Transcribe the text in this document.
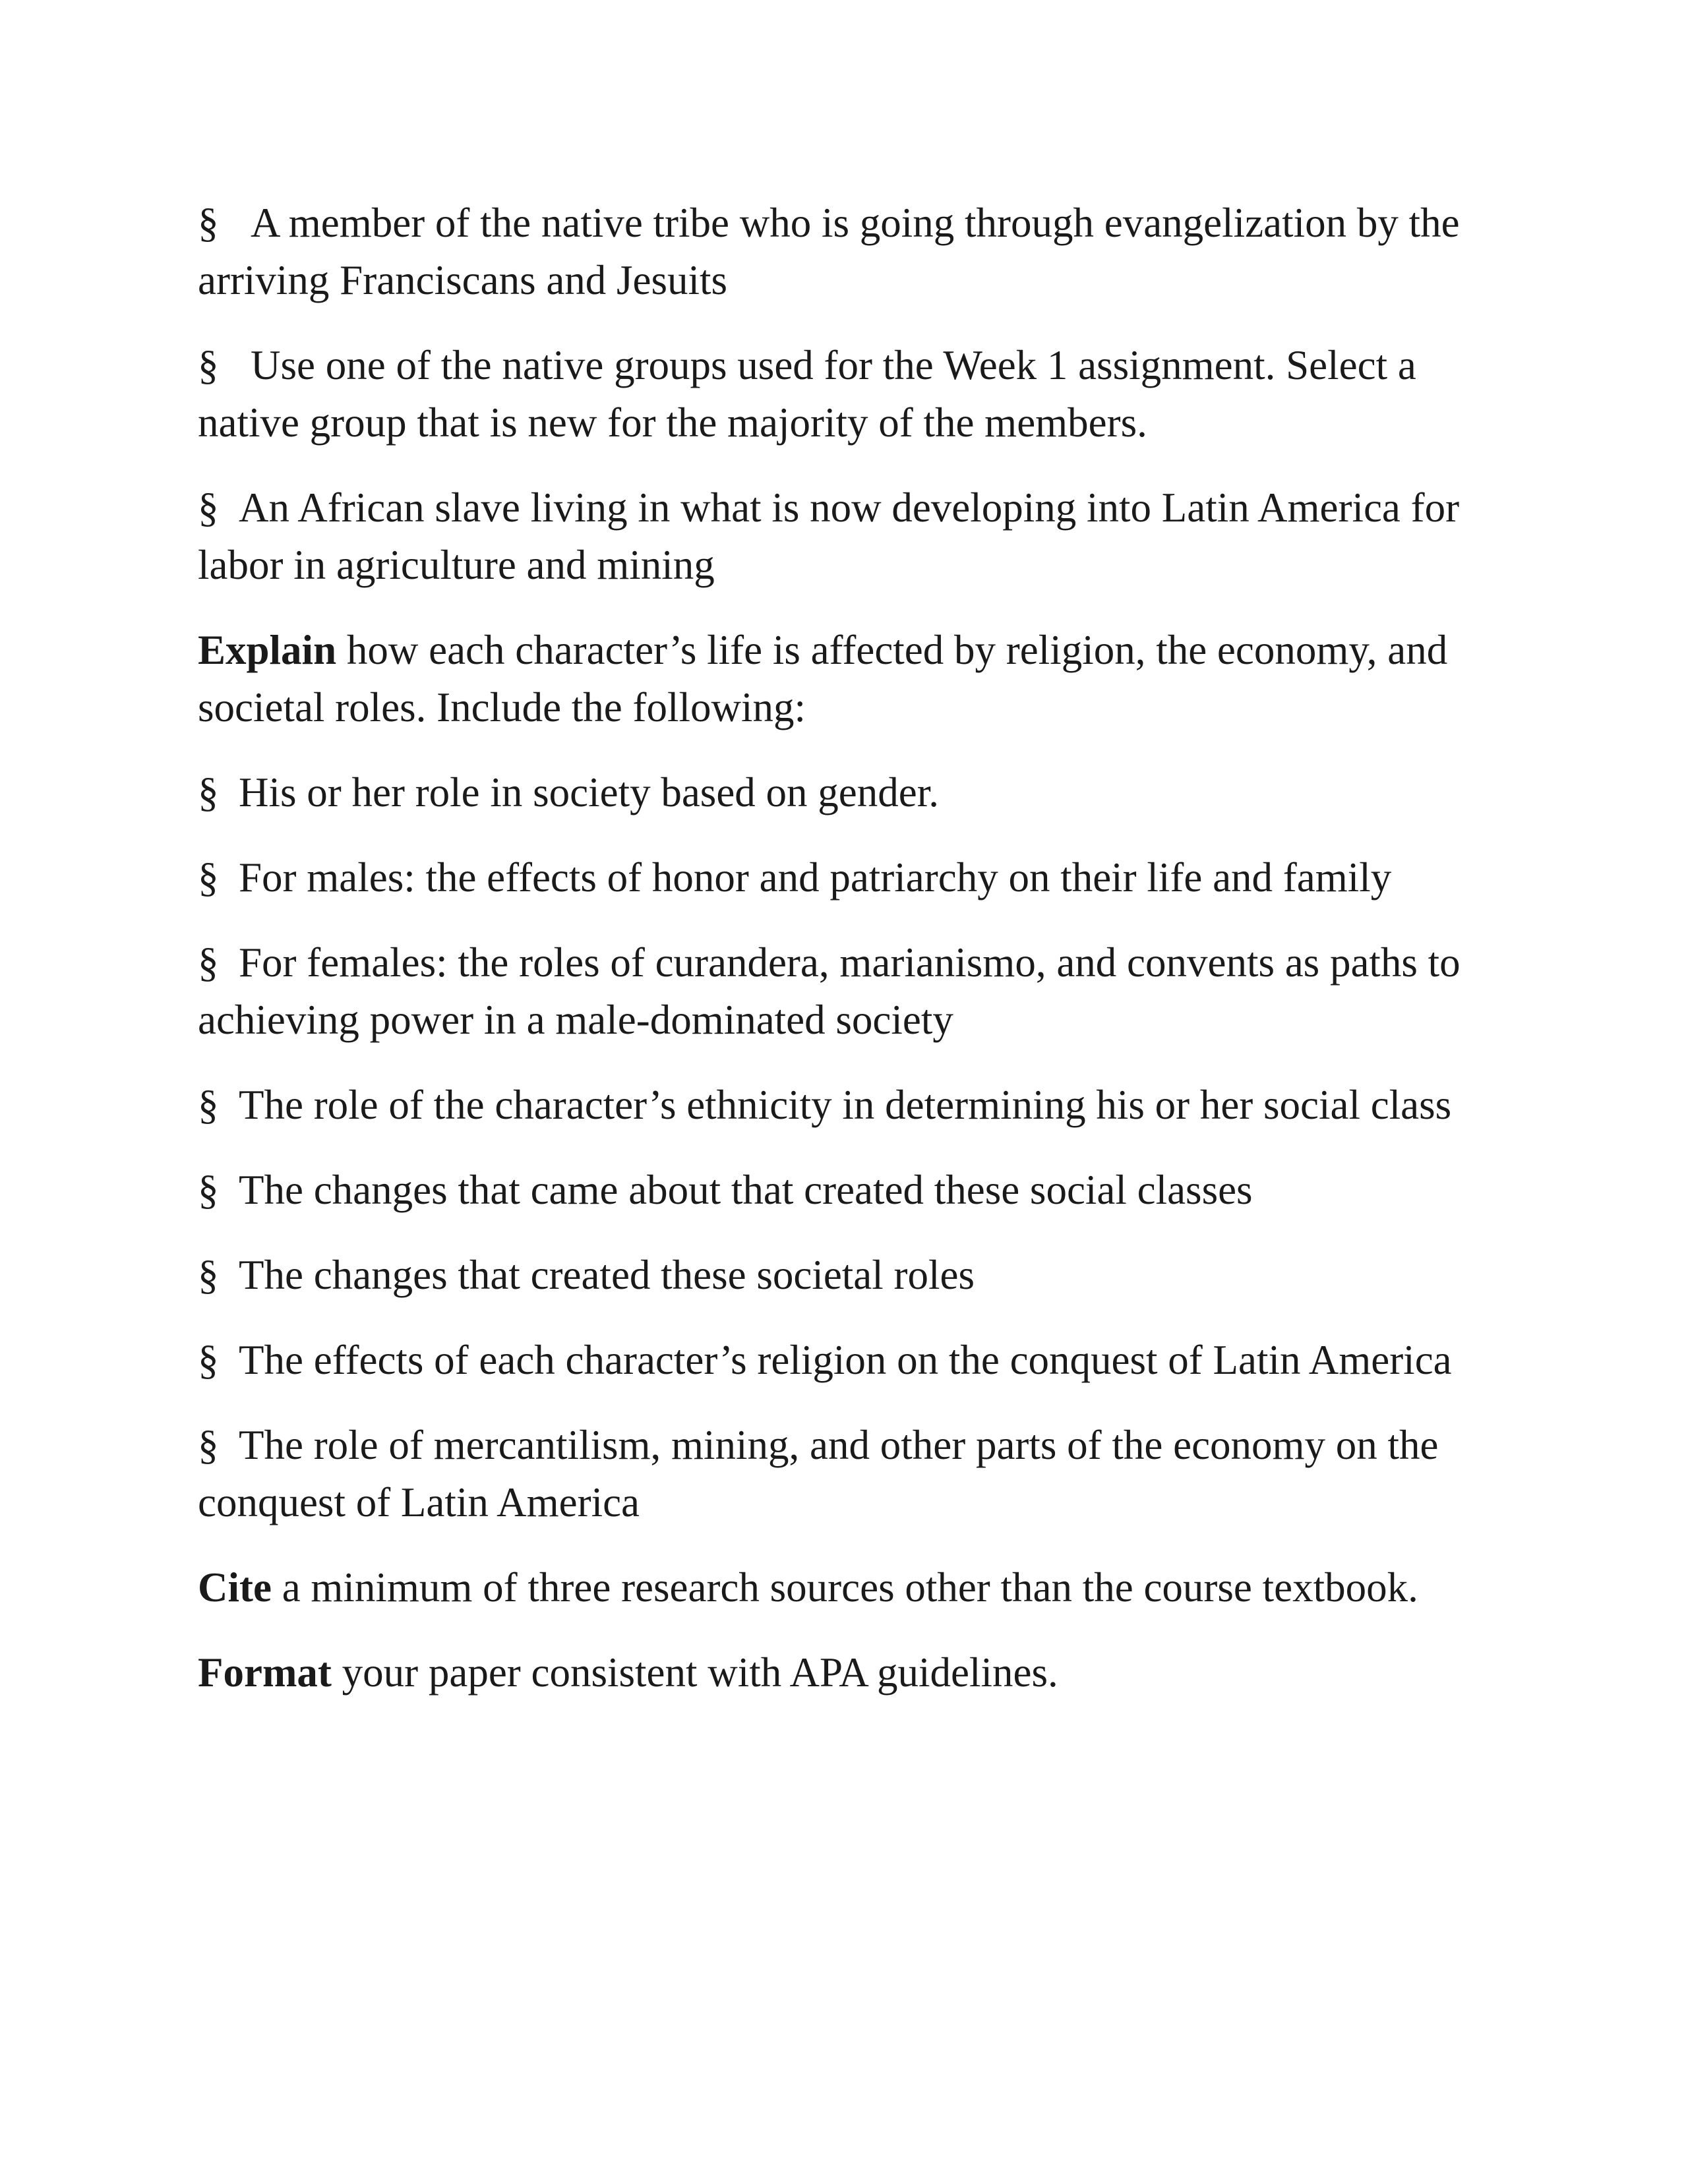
§ A member of the native tribe who is going through evangelization by the arriving Franciscans and Jesuits

§ Use one of the native groups used for the Week 1 assignment. Select a native group that is new for the majority of the members.

§ An African slave living in what is now developing into Latin America for labor in agriculture and mining

Explain how each character’s life is affected by religion, the economy, and societal roles. Include the following:

§ His or her role in society based on gender.

§ For males: the effects of honor and patriarchy on their life and family

§ For females: the roles of curandera, marianismo, and convents as paths to achieving power in a male-dominated society

§ The role of the character’s ethnicity in determining his or her social class

§ The changes that came about that created these social classes

§ The changes that created these societal roles

§ The effects of each character’s religion on the conquest of Latin America

§ The role of mercantilism, mining, and other parts of the economy on the conquest of Latin America

Cite a minimum of three research sources other than the course textbook.

Format your paper consistent with APA guidelines.
